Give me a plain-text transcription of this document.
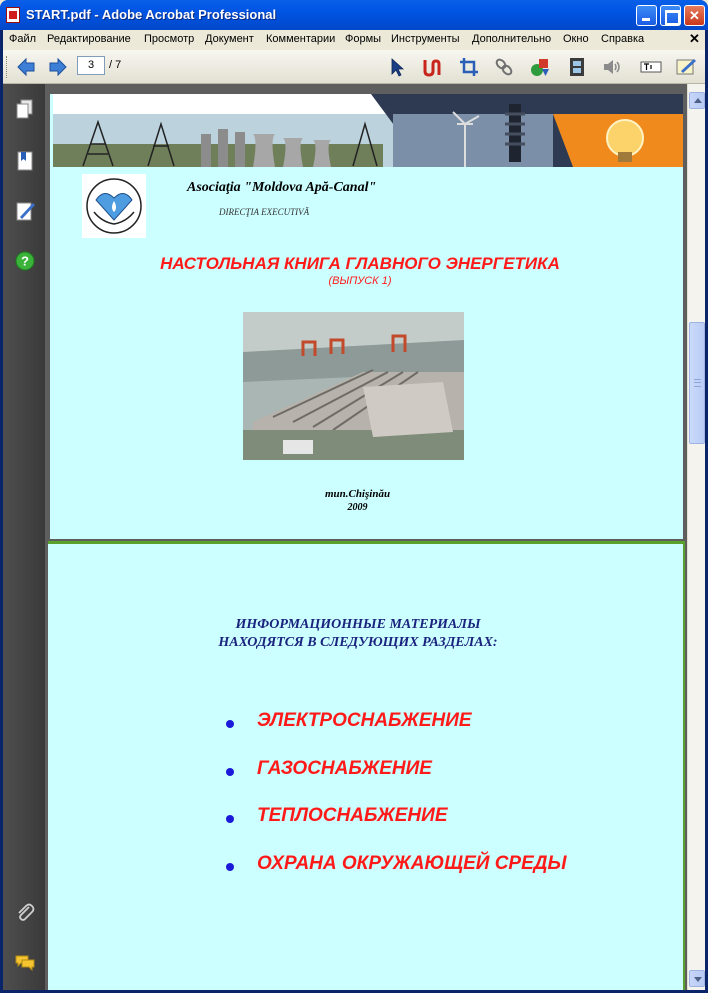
START.pdf - Adobe Acrobat Professional	✕
Файл Редактирование Просмотр Документ Комментарии Формы Инструменты Дополнительно Окно Справка	✕
3	/ 7
?
Asociaţia "Moldova Apă-Canal"
DIRECŢIA EXECUTIVĂ
НАСТОЛЬНАЯ КНИГА ГЛАВНОГО ЭНЕРГЕТИКА
(ВЫПУСК 1)
mun.Chişinău
2009
ИНФОРМАЦИОННЫЕ МАТЕРИАЛЫ
НАХОДЯТСЯ В СЛЕДУЮЩИХ РАЗДЕЛАХ:
ЭЛЕКТРОСНАБЖЕНИЕ
ГАЗОСНАБЖЕНИЕ
ТЕПЛОСНАБЖЕНИЕ
ОХРАНА ОКРУЖАЮЩЕЙ СРЕДЫ
